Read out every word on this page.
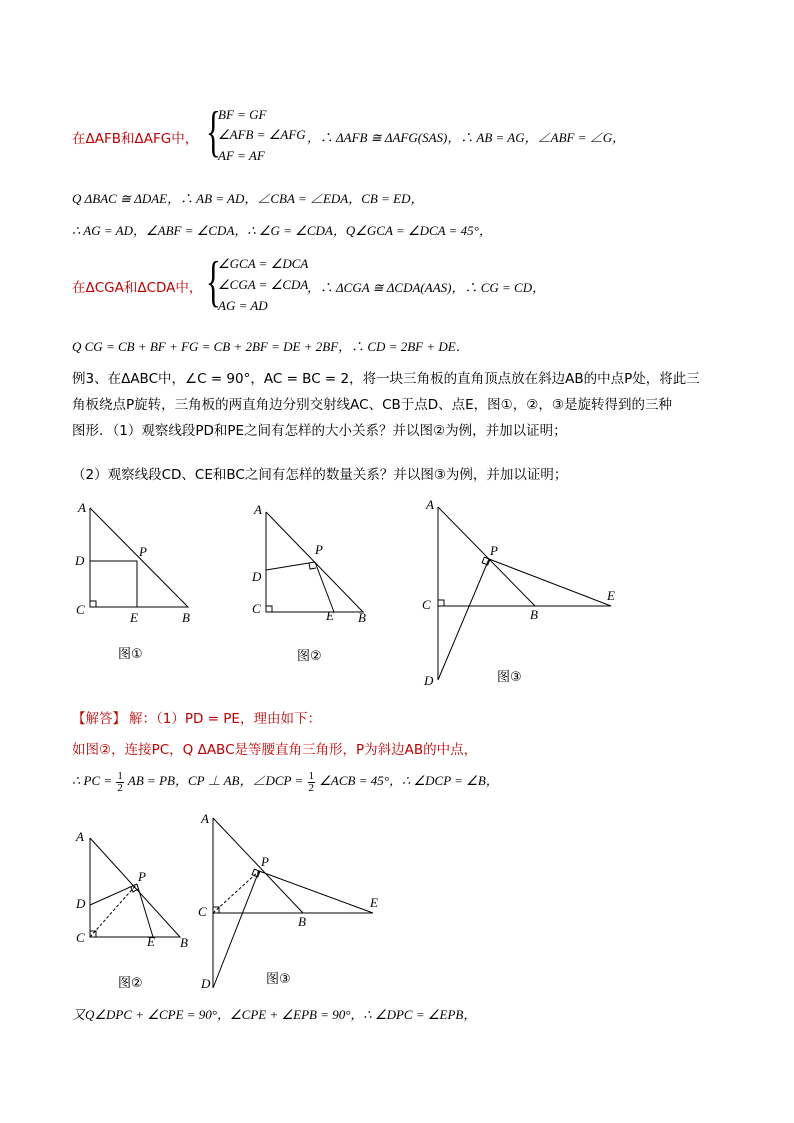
在ΔAFB和ΔAFG中， {
BF = GF
∠AFB = ∠AFG
AF = AF
，∴ ΔAFB ≅ ΔAFG(SAS)，∴ AB = AG，∠ABF = ∠G，
Q ΔBAC ≅ ΔDAE，∴ AB = AD，∠CBA = ∠EDA，CB = ED，
∴ AG = AD，∠ABF = ∠CDA，∴ ∠G = ∠CDA，Q∠GCA = ∠DCA = 45°，
在ΔCGA和ΔCDA中， {
∠GCA = ∠DCA
∠CGA = ∠CDA
AG = AD
，∴ ΔCGA ≅ ΔCDA(AAS)，∴ CG = CD，
Q CG = CB + BF + FG = CB + 2BF = DE + 2BF，∴ CD = 2BF + DE．
例3、在ΔABC中，∠C = 90°，AC = BC = 2，将一块三角板的直角顶点放在斜边AB的中点P处，将此三
角板绕点P旋转，三角板的两直角边分别交射线AC、CB于点D、点E，图①，②，③是旋转得到的三种
图形．（1）观察线段PD和PE之间有怎样的大小关系？并以图②为例，并加以证明；
（2）观察线段CD、CE和BC之间有怎样的数量关系？并以图③为例，并加以证明；
A
D
C
P
E	B
图①
A
D
C
P
E B
图②
A
C
P
B
E
D	图③
【解答】 解：（1）PD = PE，理由如下：
如图②，连接PC，Q ΔABC是等腰直角三角形，P为斜边AB的中点，
∴ PC = $\frac{1}{2}$ AB = PB，CP ⊥ AB，∠DCP = $\frac{1}{2}$ ∠ACB = 45°，∴ ∠DCP = ∠B，
A
D
C
P
E B
图②
A
C
P
B
E
D	图③
又Q∠DPC + ∠CPE = 90°，∠CPE + ∠EPB = 90°，∴ ∠DPC = ∠EPB，
